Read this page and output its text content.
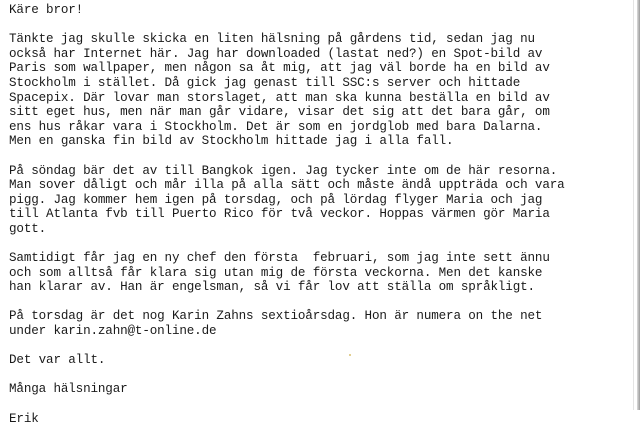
Käre bror!
Tänkte jag skulle skicka en liten hälsning på gårdens tid, sedan jag nu
också har Internet här. Jag har downloaded (lastat ned?) en Spot-bild av
Paris som wallpaper, men någon sa åt mig, att jag väl borde ha en bild av
Stockholm i stället. Då gick jag genast till SSC:s server och hittade
Spacepix. Där lovar man storslaget, att man ska kunna beställa en bild av
sitt eget hus, men när man går vidare, visar det sig att det bara går, om
ens hus råkar vara i Stockholm. Det är som en jordglob med bara Dalarna.
Men en ganska fin bild av Stockholm hittade jag i alla fall.
På söndag bär det av till Bangkok igen. Jag tycker inte om de här resorna.
Man sover dåligt och mår illa på alla sätt och måste ändå uppträda och vara
pigg. Jag kommer hem igen på torsdag, och på lördag flyger Maria och jag
till Atlanta fvb till Puerto Rico för två veckor. Hoppas värmen gör Maria
gott.
Samtidigt får jag en ny chef den första  februari, som jag inte sett ännu
och som alltså får klara sig utan mig de första veckorna. Men det kanske
han klarar av. Han är engelsman, så vi får lov att ställa om språkligt.
På torsdag är det nog Karin Zahns sextioårsdag. Hon är numera on the net
under karin.zahn@t-online.de
Det var allt.
Många hälsningar
Erik
